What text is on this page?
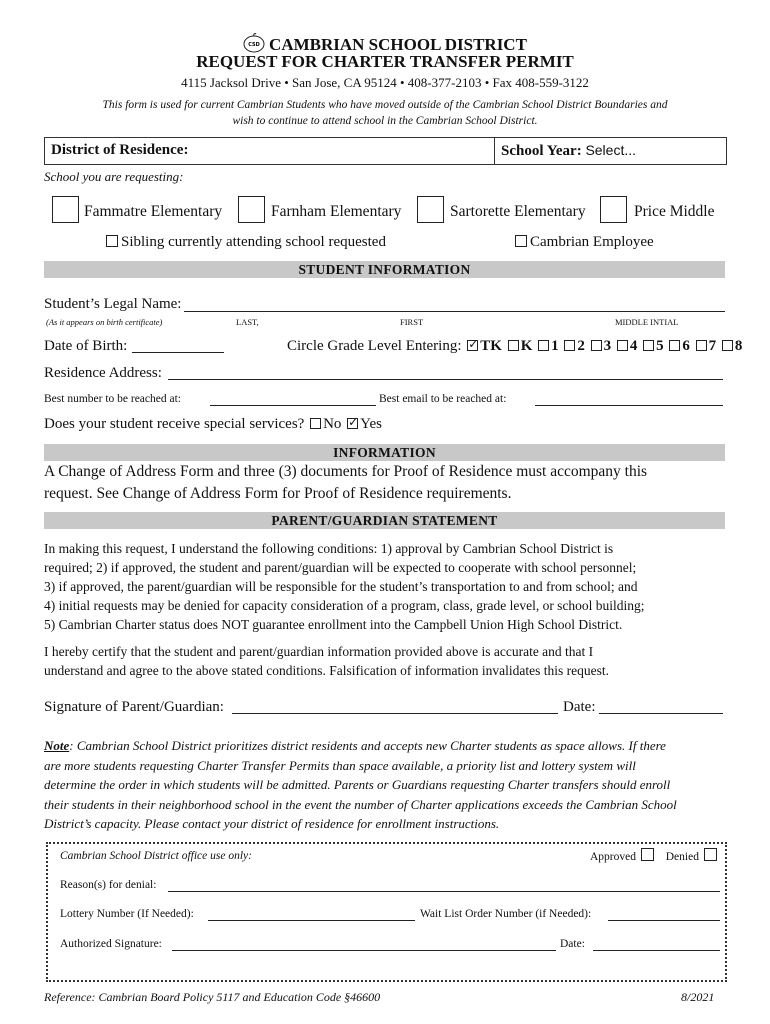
CSD CAMBRIAN SCHOOL DISTRICT
REQUEST FOR CHARTER TRANSFER PERMIT
4115 Jacksol Drive • San Jose, CA 95124 • 408-377-2103 • Fax 408-559-3122
This form is used for current Cambrian Students who have moved outside of the Cambrian School District Boundaries and
wish to continue to attend school in the Cambrian School District.
District of Residence:	School Year: Select...
School you are requesting:
Fammatre Elementary	Farnham Elementary	Sartorette Elementary	Price Middle
Sibling currently attending school requested	Cambrian Employee
STUDENT INFORMATION
Student’s Legal Name:
(As it appears on birth certificate)	LAST,	FIRST	MIDDLE INTIAL
Date of Birth:	Circle Grade Level Entering: ✓ TK K 1 2 3 4 5 6 7 8
Residence Address:
Best number to be reached at:	Best email to be reached at:
Does your student receive special services? No ✓ Yes
INFORMATION
A Change of Address Form and three (3) documents for Proof of Residence must accompany this
request. See Change of Address Form for Proof of Residence requirements.
PARENT/GUARDIAN STATEMENT
In making this request, I understand the following conditions: 1) approval by Cambrian School District is
required; 2) if approved, the student and parent/guardian will be expected to cooperate with school personnel;
3) if approved, the parent/guardian will be responsible for the student’s transportation to and from school; and
4) initial requests may be denied for capacity consideration of a program, class, grade level, or school building;
5) Cambrian Charter status does NOT guarantee enrollment into the Campbell Union High School District.
I hereby certify that the student and parent/guardian information provided above is accurate and that I
understand and agree to the above stated conditions. Falsification of information invalidates this request.
Signature of Parent/Guardian:	Date:
Note: Cambrian School District prioritizes district residents and accepts new Charter students as space allows. If there
are more students requesting Charter Transfer Permits than space available, a priority list and lottery system will
determine the order in which students will be admitted. Parents or Guardians requesting Charter transfers should enroll
their students in their neighborhood school in the event the number of Charter applications exceeds the Cambrian School
District’s capacity. Please contact your district of residence for enrollment instructions.
Cambrian School District office use only:	Approved	Denied
Reason(s) for denial:
Lottery Number (If Needed):	Wait List Order Number (if Needed):
Authorized Signature:	Date:
Reference: Cambrian Board Policy 5117 and Education Code §46600	8/2021
